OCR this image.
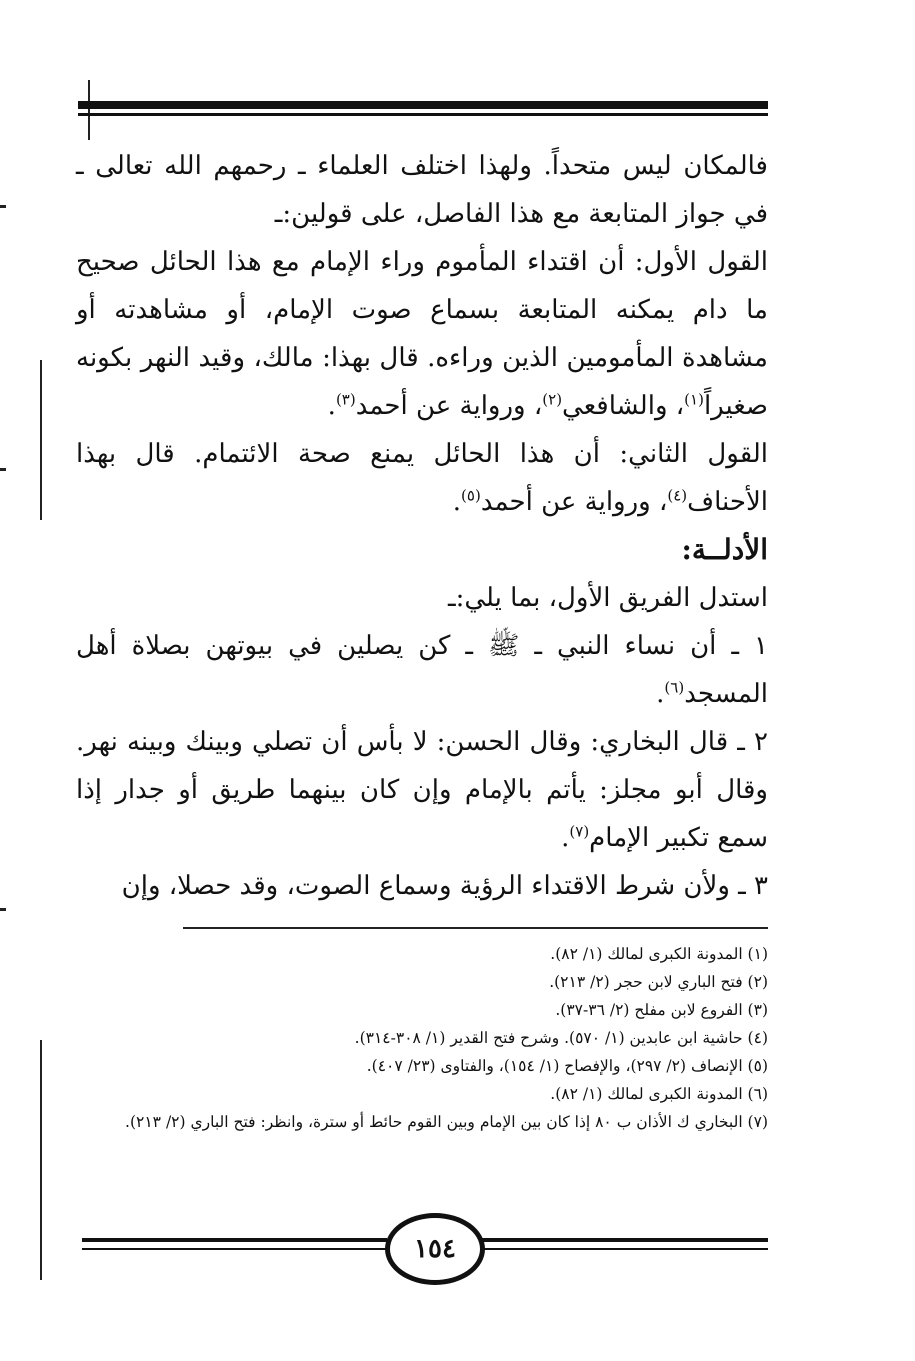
فالمكان ليس متحداً. ولهذا اختلف العلماء ـ رحمهم الله تعالى ـ في جواز المتابعة مع هذا الفاصل، على قولين:ـ

القول الأول: أن اقتداء المأموم وراء الإمام مع هذا الحائل صحيح ما دام يمكنه المتابعة بسماع صوت الإمام، أو مشاهدته أو مشاهدة المأمومين الذين وراءه. قال بهذا: مالك، وقيد النهر بكونه صغيراً$^{(١)}$، والشافعي$^{(٢)}$، ورواية عن أحمد$^{(٣)}$.

القول الثاني: أن هذا الحائل يمنع صحة الائتمام. قال بهذا الأحناف$^{(٤)}$، ورواية عن أحمد$^{(٥)}$.

الأدلــة:

استدل الفريق الأول، بما يلي:ـ

١ ـ أن نساء النبي ـ ﷺ ـ كن يصلين في بيوتهن بصلاة أهل المسجد$^{(٦)}$.

٢ ـ قال البخاري: وقال الحسن: لا بأس أن تصلي وبينك وبينه نهر. وقال أبو مجلز: يأتم بالإمام وإن كان بينهما طريق أو جدار إذا سمع تكبير الإمام$^{(٧)}$.

٣ ـ ولأن شرط الاقتداء الرؤية وسماع الصوت، وقد حصلا، وإن

(١) المدونة الكبرى لمالك (١/ ٨٢).

(٢) فتح الباري لابن حجر (٢/ ٢١٣).

(٣) الفروع لابن مفلح (٢/ ٣٦-٣٧).

(٤) حاشية ابن عابدين (١/ ٥٧٠). وشرح فتح القدير (١/ ٣٠٨-٣١٤).

(٥) الإنصاف (٢/ ٢٩٧)، والإفصاح (١/ ١٥٤)، والفتاوى (٢٣/ ٤٠٧).

(٦) المدونة الكبرى لمالك (١/ ٨٢).

(٧) البخاري ك الأذان ب ٨٠ إذا كان بين الإمام وبين القوم حائط أو سترة، وانظر: فتح الباري (٢/ ٢١٣).

١٥٤
